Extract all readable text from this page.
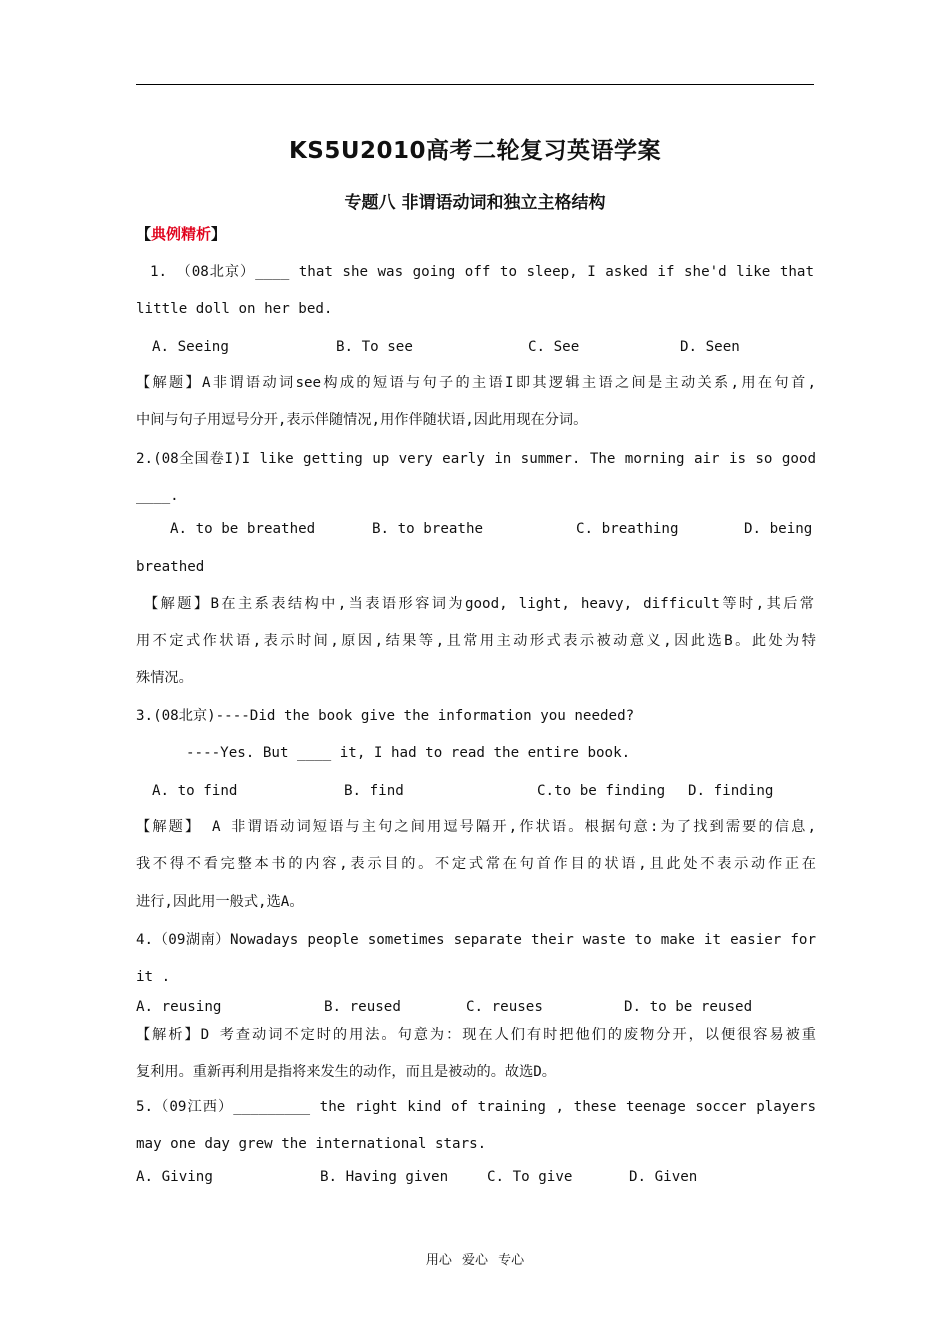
KS5U2010高考二轮复习英语学案
专题八 非谓语动词和独立主格结构
【典例精析】
1. （08北京）____ that she was going off to sleep, I asked if she'd like that
little doll on her bed.
A. Seeing	B. To see	C. See	D. Seen
【解题】A非谓语动词see构成的短语与句子的主语I即其逻辑主语之间是主动关系,用在句首,
中间与句子用逗号分开,表示伴随情况,用作伴随状语,因此用现在分词。
2.(08全国卷I)I like getting up very early in summer. The morning air is so good
____.
A. to be breathed	B. to breathe	C. breathing	D. being
breathed
【解题】B在主系表结构中,当表语形容词为good, light, heavy, difficult等时,其后常
用不定式作状语,表示时间,原因,结果等,且常用主动形式表示被动意义,因此选B。此处为特
殊情况。
3.(08北京)----Did the book give the information you needed?
----Yes. But ____ it, I had to read the entire book.
A. to find	B. find	C.to be finding D. finding
【解题】 A 非谓语动词短语与主句之间用逗号隔开,作状语。根据句意:为了找到需要的信息,
我不得不看完整本书的内容,表示目的。不定式常在句首作目的状语,且此处不表示动作正在
进行,因此用一般式,选A。
4.（09湖南）Nowadays people sometimes separate their waste to make it easier for
it .
A. reusing	B. reused	C. reuses	D. to be reused
【解析】D 考查动词不定时的用法。句意为：现在人们有时把他们的废物分开，以便很容易被重
复利用。重新再利用是指将来发生的动作，而且是被动的。故选D。
5.（09江西）_________ the right kind of training , these teenage soccer players
may one day grew the international stars.
A. Giving	B. Having given	C. To give	D. Given
用心 爱心 专心
